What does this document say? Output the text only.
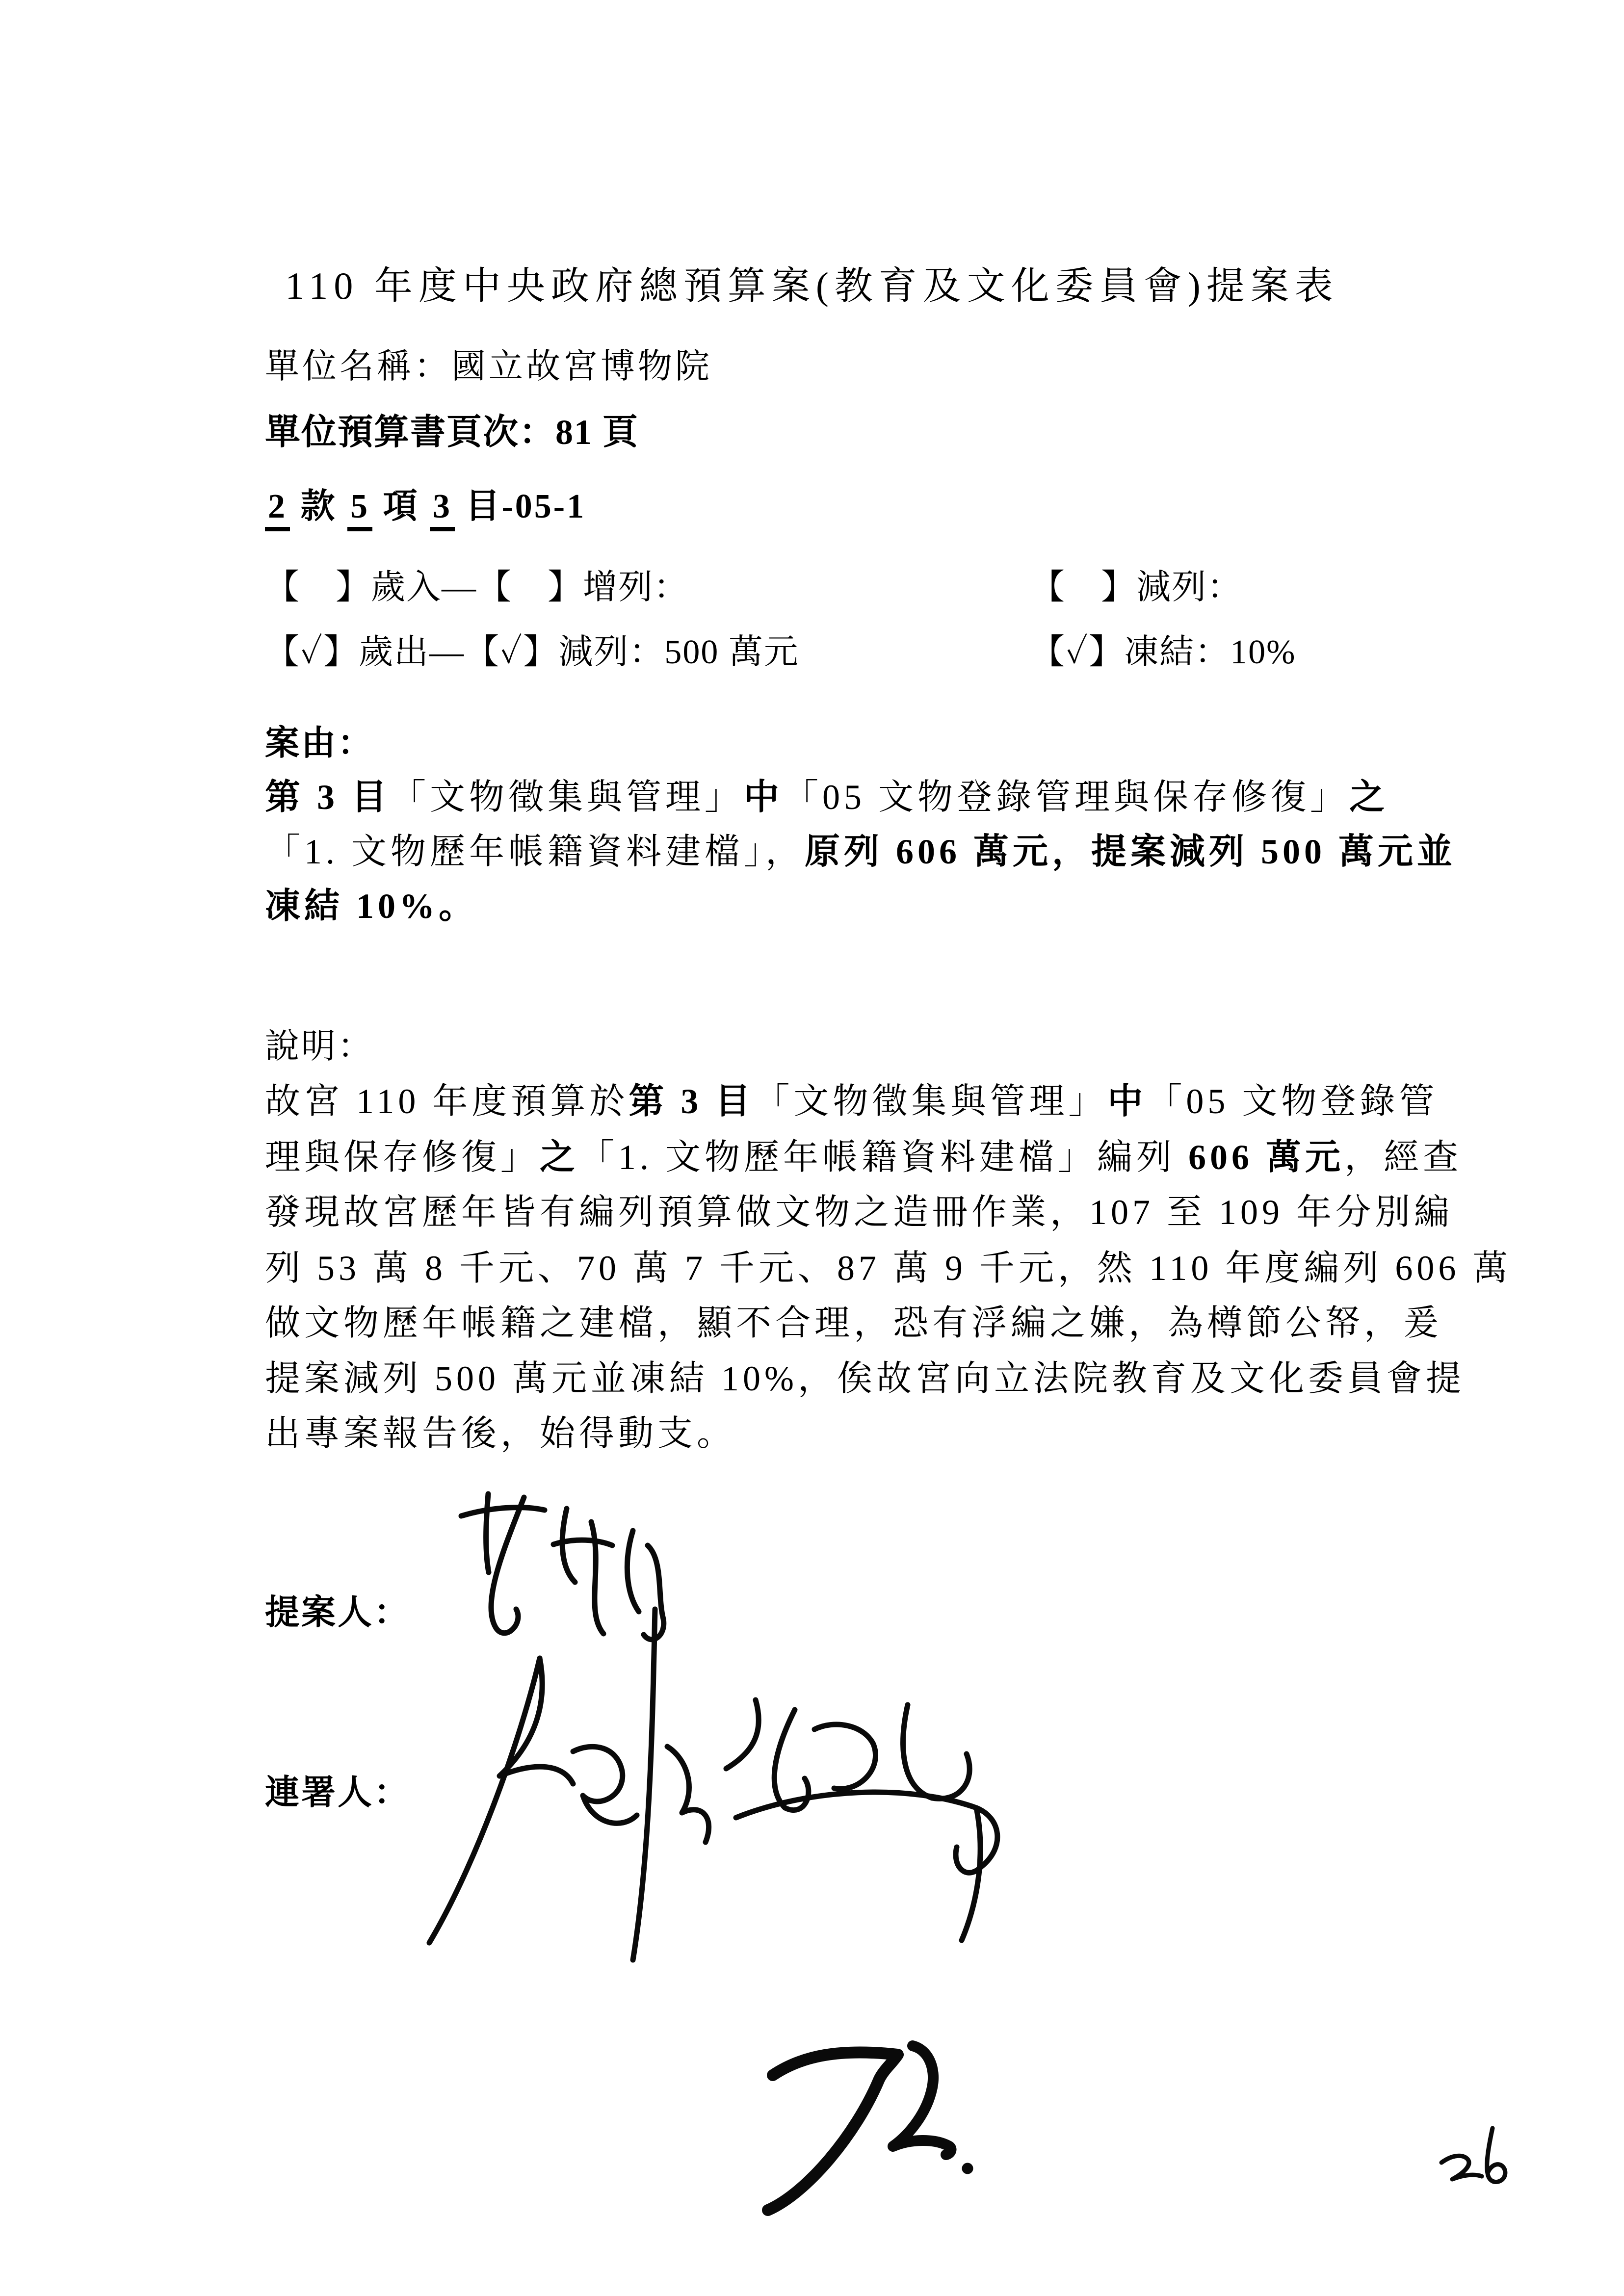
110 年度中央政府總預算案(教育及文化委員會)提案表
單位名稱：國立故宮博物院
單位預算書頁次：81 頁
2 款 5 項 3 目-05-1
【　】歲入—【　】增列：	【　】減列：
【✓】歲出—【✓】減列：500 萬元	【✓】凍結：10%
案由：
第 3 目「文物徵集與管理」中「05 文物登錄管理與保存修復」之
「1. 文物歷年帳籍資料建檔」，原列 606 萬元，提案減列 500 萬元並
凍結 10%。
說明：
故宮 110 年度預算於第 3 目「文物徵集與管理」中「05 文物登錄管
理與保存修復」之「1. 文物歷年帳籍資料建檔」編列 606 萬元，經查
發現故宮歷年皆有編列預算做文物之造冊作業，107 至 109 年分別編
列 53 萬 8 千元、70 萬 7 千元、87 萬 9 千元，然 110 年度編列 606 萬
做文物歷年帳籍之建檔，顯不合理，恐有浮編之嫌，為樽節公帑，爰
提案減列 500 萬元並凍結 10%，俟故宮向立法院教育及文化委員會提
出專案報告後，始得動支。
提案人：
連署人：
